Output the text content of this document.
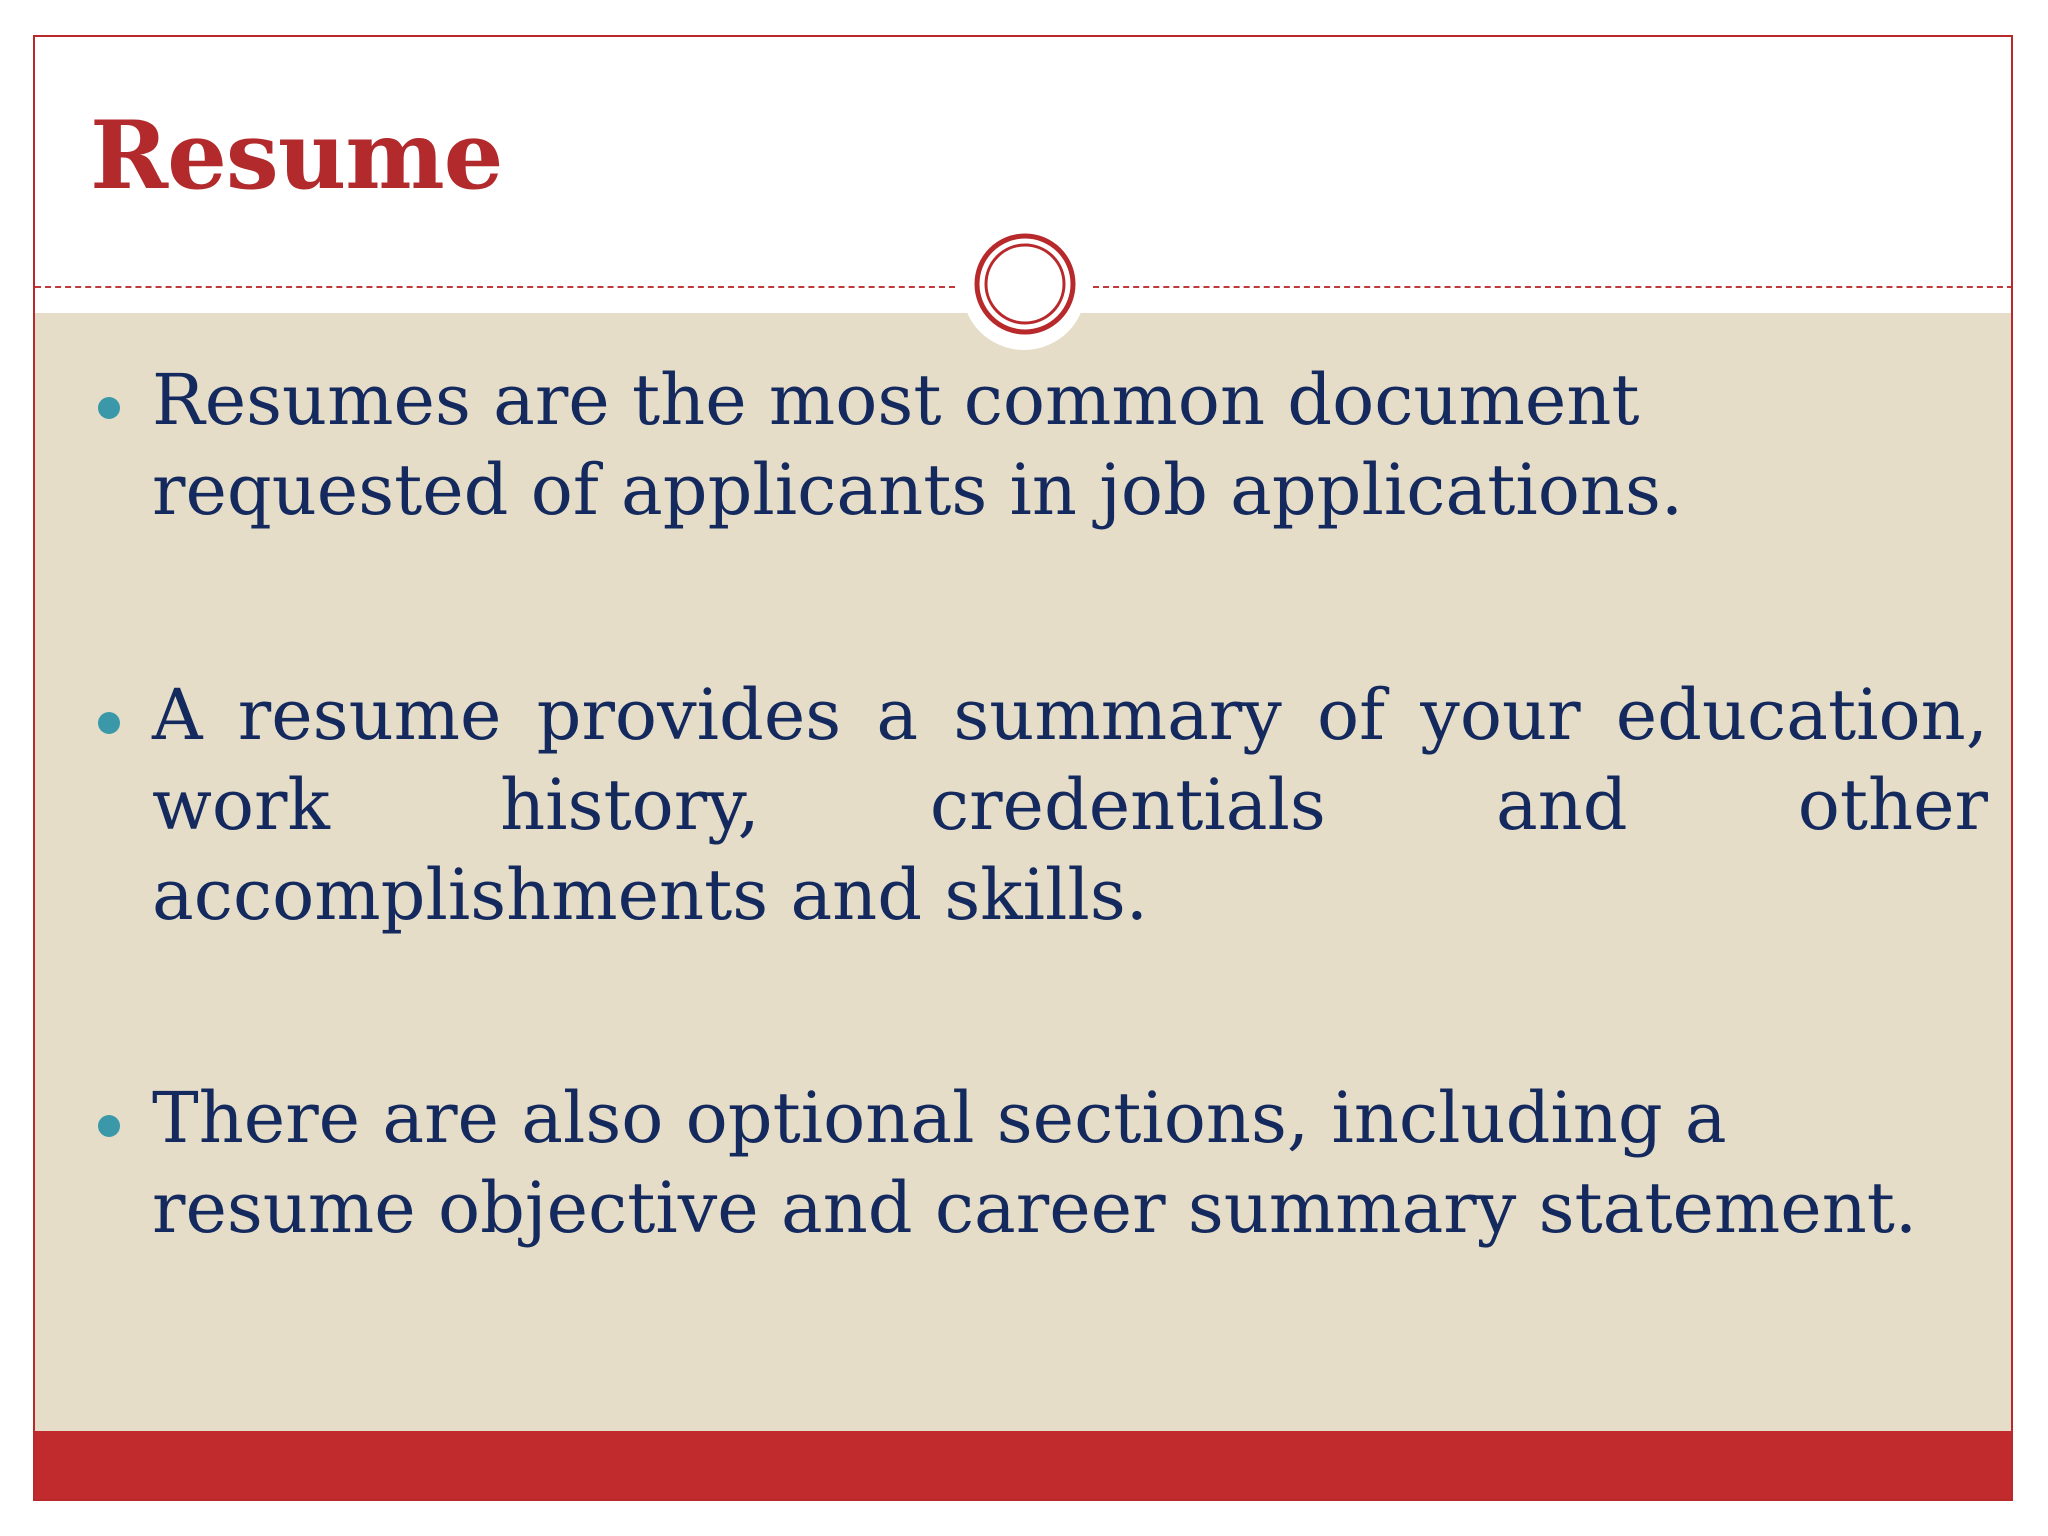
Resume

Resumes are the most common document requested of applicants in job applications.

A resume provides a summary of your education, work history, credentials and other accomplishments and skills.

There are also optional sections, including a resume objective and career summary statement.
